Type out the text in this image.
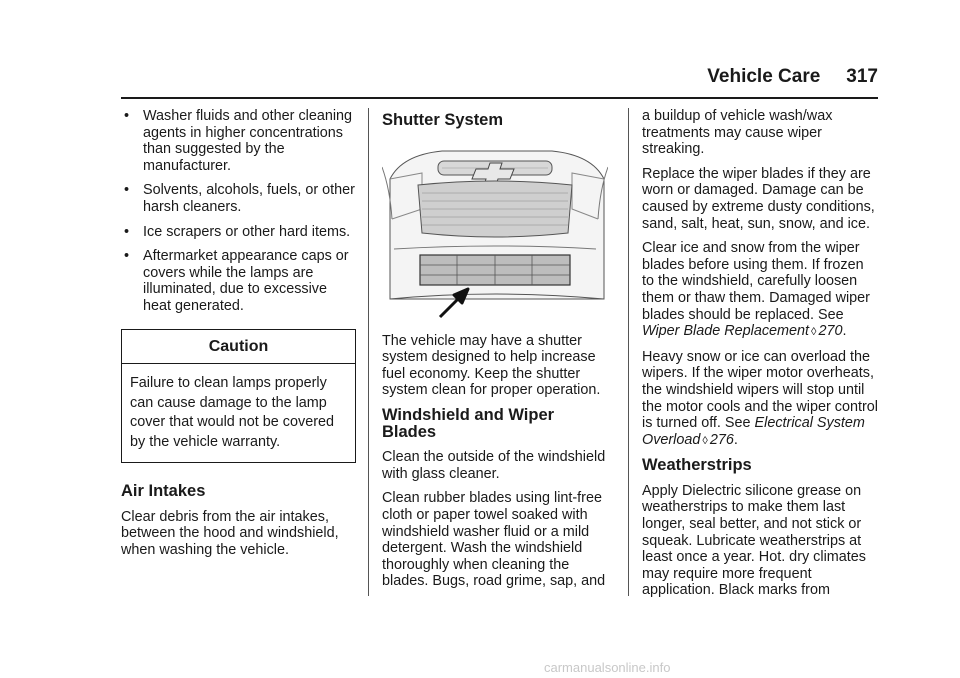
Vehicle Care 317
• Washer fluids and other cleaning agents in higher concentrations than suggested by the manufacturer.
• Solvents, alcohols, fuels, or other harsh cleaners.
• Ice scrapers or other hard items.
• Aftermarket appearance caps or covers while the lamps are illuminated, due to excessive heat generated.
Caution
Failure to clean lamps properly can cause damage to the lamp cover that would not be covered by the vehicle warranty.
Air Intakes

Clear debris from the air intakes, between the hood and windshield, when washing the vehicle.

Shutter System

The vehicle may have a shutter system designed to help increase fuel economy. Keep the shutter system clean for proper operation.

Windshield and Wiper Blades

Clean the outside of the windshield with glass cleaner.

Clean rubber blades using lint-free cloth or paper towel soaked with windshield washer fluid or a mild detergent. Wash the windshield thoroughly when cleaning the blades. Bugs, road grime, sap, and

a buildup of vehicle wash/wax treatments may cause wiper streaking.

Replace the wiper blades if they are worn or damaged. Damage can be caused by extreme dusty conditions, sand, salt, heat, sun, snow, and ice.

Clear ice and snow from the wiper blades before using them. If frozen to the windshield, carefully loosen them or thaw them. Damaged wiper blades should be replaced. See Wiper Blade Replacement ◊ 270.

Heavy snow or ice can overload the wipers. If the wiper motor overheats, the windshield wipers will stop until the motor cools and the wiper control is turned off. See Electrical System Overload ◊ 276.

Weatherstrips

Apply Dielectric silicone grease on weatherstrips to make them last longer, seal better, and not stick or squeak. Lubricate weatherstrips at least once a year. Hot. dry climates may require more frequent application. Black marks from

carmanualsonline.info
